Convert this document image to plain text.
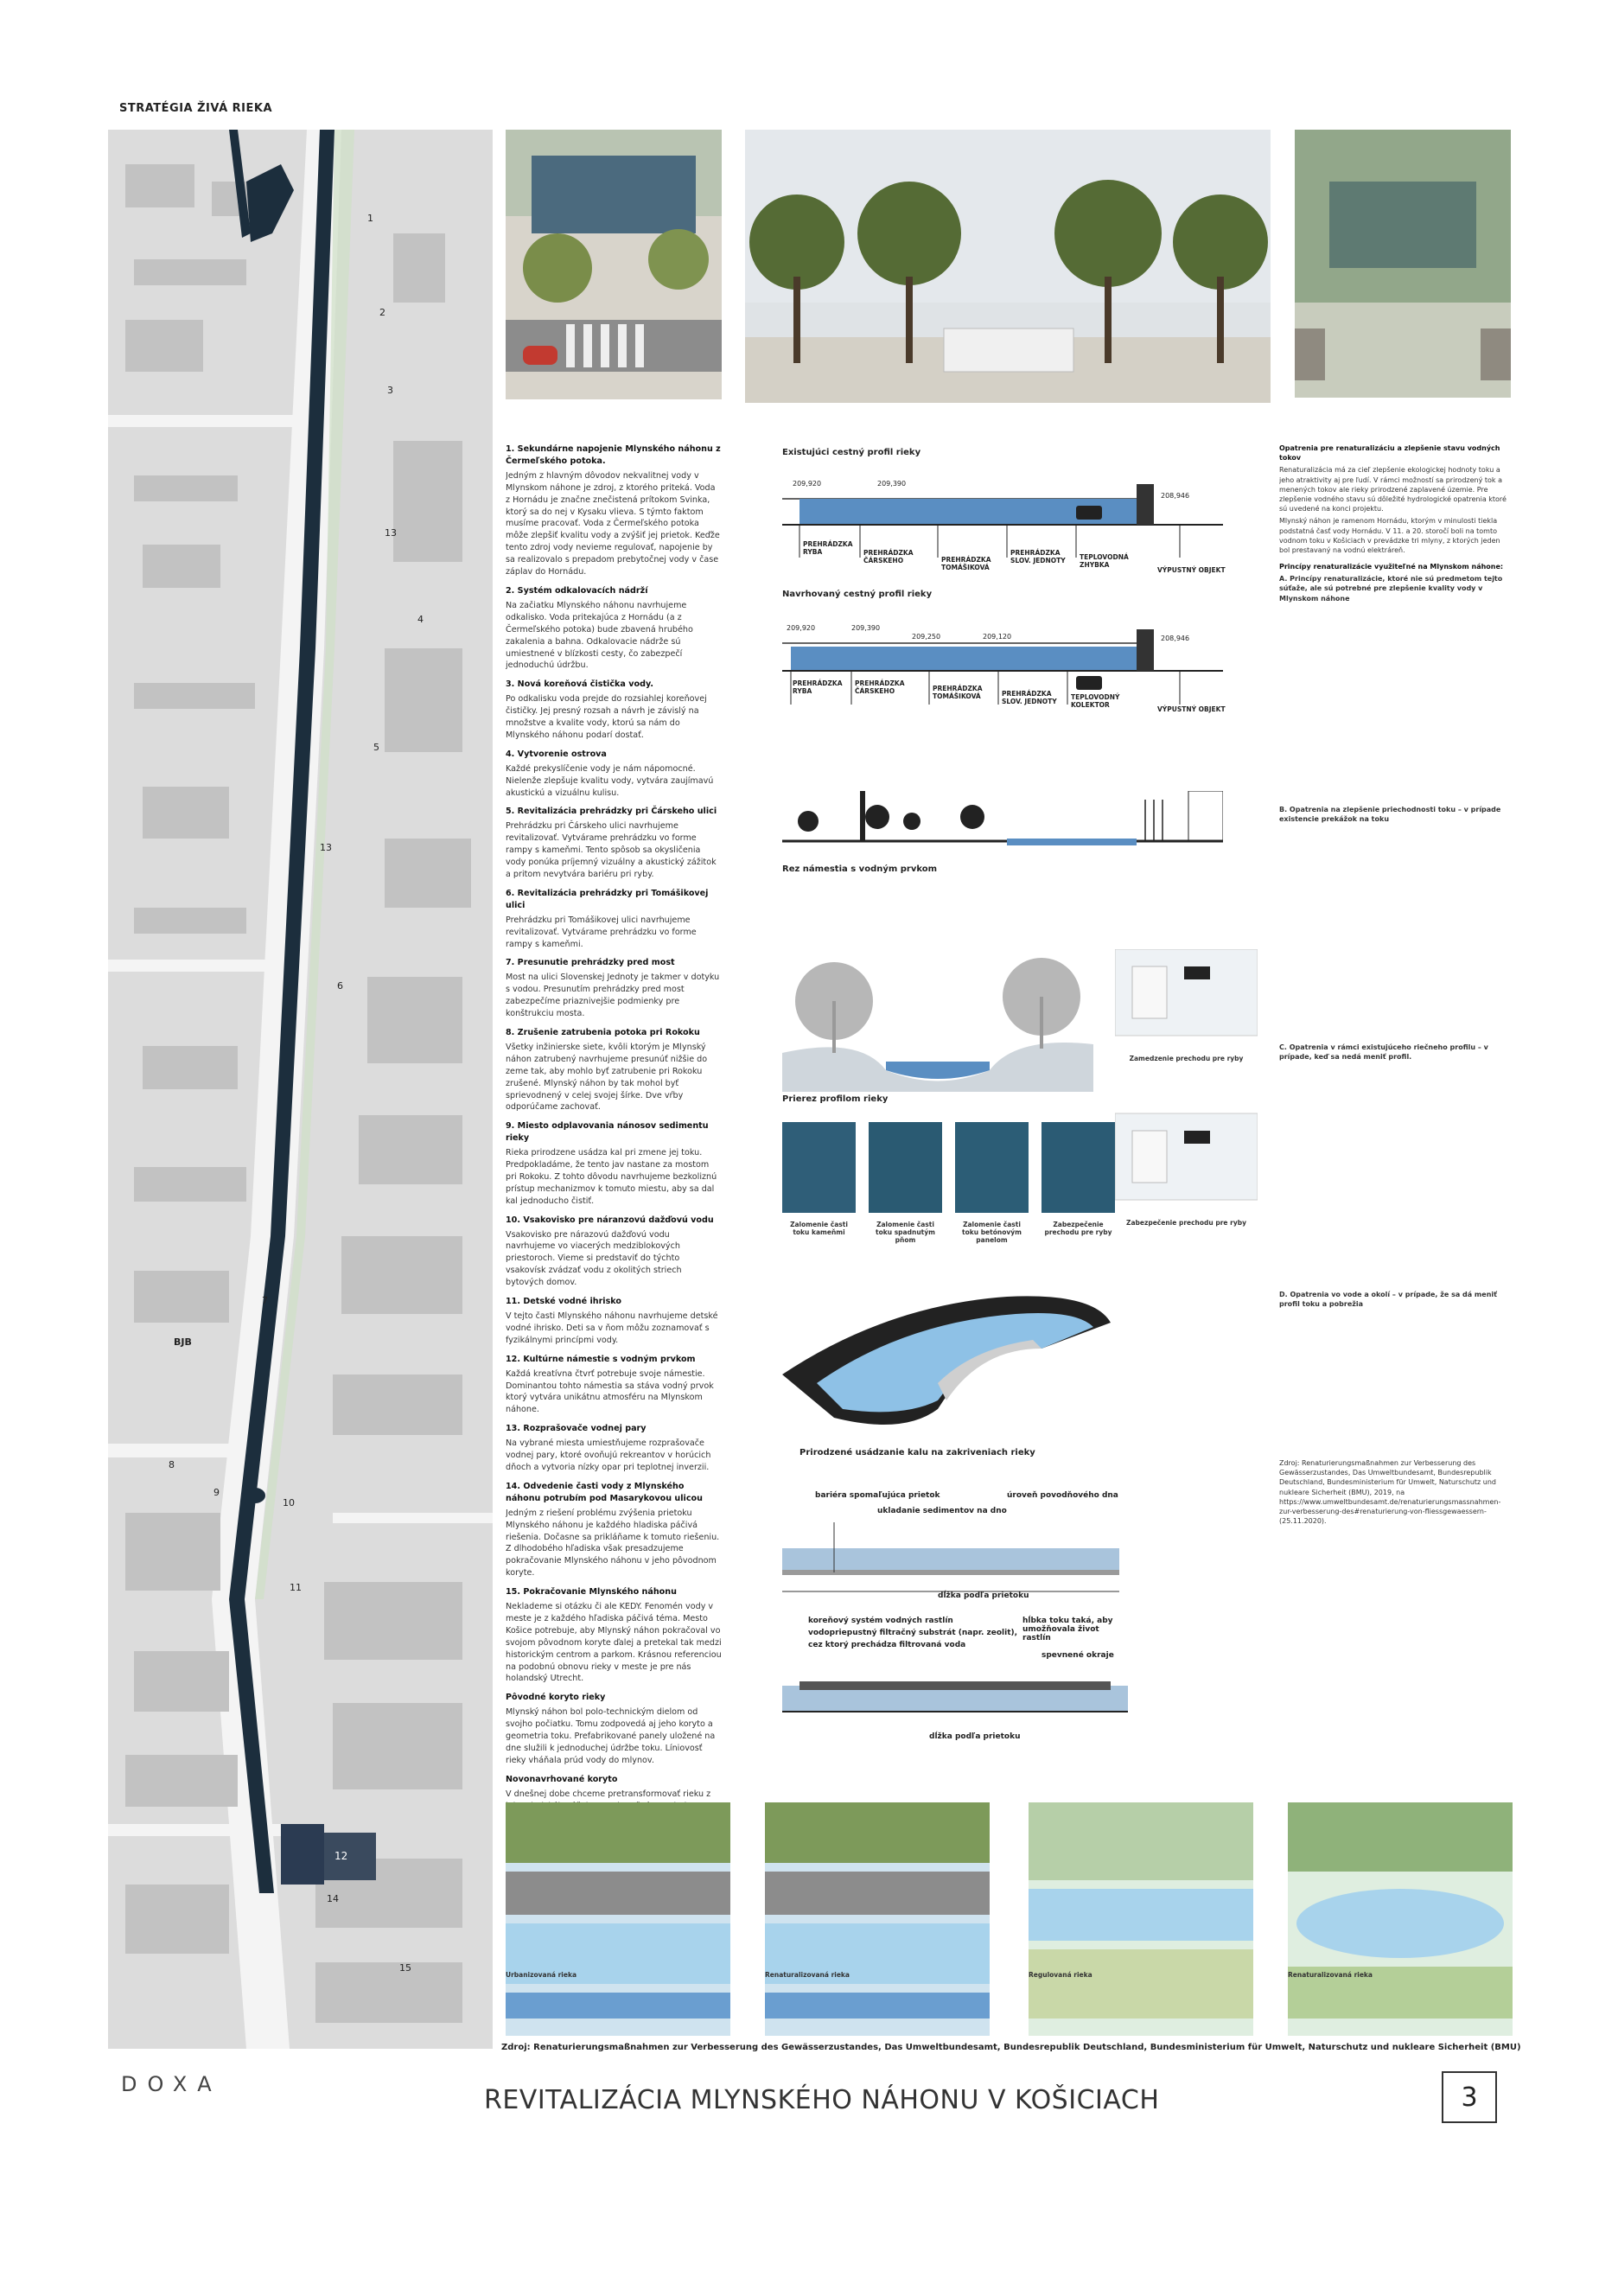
STRATÉGIA ŽIVÁ RIEKA
1
2
3
13
4
5
13
6
7
8
9
10
11
12
14
15
BJB
1. Sekundárne napojenie Mlynského náhonu z Čermeľského potoka.

Jedným z hlavným dôvodov nekvalitnej vody v Mlynskom náhone je zdroj, z ktorého priteká. Voda z Hornádu je značne znečistená prítokom Svinka, ktorý sa do nej v Kysaku vlieva. S týmto faktom musíme pracovať. Voda z Čermeľského potoka môže zlepšiť kvalitu vody a zvýšiť jej prietok. Keďže tento zdroj vody nevieme regulovať, napojenie by sa realizovalo s prepadom prebytočnej vody v čase záplav do Hornádu.

2. Systém odkalovacích nádrží

Na začiatku Mlynského náhonu navrhujeme odkalisko. Voda pritekajúca z Hornádu (a z Čermeľského potoka) bude zbavená hrubého zakalenia a bahna. Odkalovacie nádrže sú umiestnené v blízkosti cesty, čo zabezpečí jednoduchú údržbu.

3. Nová koreňová čistička vody.

Po odkalisku voda prejde do rozsiahlej koreňovej čističky. Jej presný rozsah a návrh je závislý na množstve a kvalite vody, ktorú sa nám do Mlynského náhonu podarí dostať.

4. Vytvorenie ostrova

Každé prekyslíčenie vody je nám nápomocné. Nielenže zlepšuje kvalitu vody, vytvára zaujímavú akustickú a vizuálnu kulisu.

5. Revitalizácia prehrádzky pri Čárskeho ulici

Prehrádzku pri Čárskeho ulici navrhujeme revitalizovať. Vytvárame prehrádzku vo forme rampy s kameňmi. Tento spôsob sa okysličenia vody ponúka príjemný vizuálny a akustický zážitok a pritom nevytvára bariéru pri ryby.

6. Revitalizácia prehrádzky pri Tomášikovej ulici

Prehrádzku pri Tomášikovej ulici navrhujeme revitalizovať. Vytvárame prehrádzku vo forme rampy s kameňmi.

7. Presunutie prehrádzky pred most

Most na ulici Slovenskej Jednoty je takmer v dotyku s vodou. Presunutím prehrádzky pred most zabezpečíme priaznivejšie podmienky pre konštrukciu mosta.

8. Zrušenie zatrubenia potoka pri Rokoku

Všetky inžinierske siete, kvôli ktorým je Mlynský náhon zatrubený navrhujeme presunúť nižšie do zeme tak, aby mohlo byť zatrubenie pri Rokoku zrušené. Mlynský náhon by tak mohol byť sprievodnený v celej svojej šírke. Dve vŕby odporúčame zachovať.

9. Miesto odplavovania nánosov sedimentu rieky

Rieka prirodzene usádza kal pri zmene jej toku. Predpokladáme, že tento jav nastane za mostom pri Rokoku. Z tohto dôvodu navrhujeme bezkoliznú prístup mechanizmov k tomuto miestu, aby sa dal kal jednoducho čistiť.

10. Vsakovisko pre náranzovú dažďovú vodu

Vsakovisko pre nárazovú dažďovú vodu navrhujeme vo viacerých medziblokových priestoroch. Vieme si predstaviť do týchto vsakovísk zvádzať vodu z okolitých striech bytových domov.

11. Detské vodné ihrisko

V tejto časti Mlynského náhonu navrhujeme detské vodné ihrisko. Deti sa v ňom môžu zoznamovať s fyzikálnymi princípmi vody.

12. Kultúrne námestie s vodným prvkom

Každá kreatívna čtvrť potrebuje svoje námestie. Dominantou tohto námestia sa stáva vodný prvok ktorý vytvára unikátnu atmosféru na Mlynskom náhone.

13. Rozprašovače vodnej pary

Na vybrané miesta umiestňujeme rozprašovače vodnej pary, ktoré ovoňujú rekreantov v horúcich dňoch a vytvoria nízky opar pri teplotnej inverzii.

14. Odvedenie časti vody z Mlynského náhonu potrubím pod Masarykovou ulicou

Jedným z riešení problému zvýšenia prietoku Mlynského náhonu je každého hladiska páčivá riešenia. Dočasne sa prikláňame k tomuto riešeniu. Z dlhodobého hľadiska však presadzujeme pokračovanie Mlynského náhonu v jeho pôvodnom koryte.

15. Pokračovanie Mlynského náhonu

Neklademe si otázku či ale KEDY. Fenomén vody v meste je z každého hľadiska páčivá téma. Mesto Košice potrebuje, aby Mlynský náhon pokračoval vo svojom pôvodnom koryte ďalej a pretekal tak medzi historickým centrom a parkom. Krásnou referenciou na podobnú obnovu rieky v meste je pre nás holandský Utrecht.

Pôvodné koryto rieky

Mlynský náhon bol polo-technickým dielom od svojho počiatku. Tomu zodpovedá aj jeho koryto a geometria toku. Prefabrikované panely uložené na dne služili k jednoduchej údržbe toku. Líniovosť rieky vháňala prúd vody do mlynov.

Novonavrhované koryto

V dnešnej dobe chceme pretransformovať rieku z

Existujúci cestný profil rieky
209,920	209,390
208,946
PREHRÁDZKA RYBA	PREHRÁDZKA ČÁRSKEHO	PREHRÁDZKA TOMÁŠIKOVÁ
PREHRÁDZKA SLOV. JEDNOTY	TEPLOVODNÁ ZHYBKA
VÝPUSTNÝ OBJEKT
Navrhovaný cestný profil rieky
209,920	209,390
209,250	209,120	208,946
PREHRÁDZKA RYBA
PREHRÁDZKA ČÁRSKEHO	PREHRÁDZKA TOMÁŠIKOVÁ	PREHRÁDZKA SLOV. JEDNOTY
TEPLOVODNÝ KOLEKTOR
VÝPUSTNÝ OBJEKT
Rez námestia s vodným prvkom
Prierez profilom rieky
Zamedzenie prechodu pre ryby
Zabezpečenie prechodu pre ryby
Zalomenie časti toku kameňmi
Zalomenie časti toku spadnutým pňom
Zalomenie časti toku betónovým panelom
Zabezpečenie prechodu pre ryby
Prirodzené usádzanie kalu na zakriveniach rieky
bariéra spomaľujúca prietok
ukladanie sedimentov na dno
úroveň povodňového dna
dĺžka podľa prietoku
koreňový systém vodných rastlín
vodopriepustný filtračný substrát (napr. zeolit),
cez ktorý prechádza filtrovaná voda
hĺbka toku taká, aby umožňovala život rastlín
spevnené okraje
dĺžka podľa prietoku
Opatrenia pre renaturalizáciu a zlepšenie stavu vodných tokov

Renaturalizácia má za cieľ zlepšenie ekologickej hodnoty toku a jeho atraktivity aj pre ľudí. V rámci možností sa prirodzený tok a menených tokov ale rieky prirodzené zaplavené územie. Pre zlepšenie vodného stavu sú dôležité hydrologické opatrenia ktoré sú uvedené na konci projektu.

Mlynský náhon je ramenom Hornádu, ktorým v minulosti tiekla podstatná časť vody Hornádu. V 11. a 20. storočí boli na tomto vodnom toku v Košiciach v prevádzke tri mlyny, z ktorých jeden bol prestavaný na vodnú elektráreň.

Princípy renaturalizácie využiteľné na Mlynskom náhone:

A. Princípy renaturalizácie, ktoré nie sú predmetom tejto súťaže, ale sú potrebné pre zlepšenie kvality vody v Mlynskom náhone

B. Opatrenia na zlepšenie priechodnosti toku – v prípade existencie prekážok na toku

C. Opatrenia v rámci existujúceho riečneho profilu – v prípade, keď sa nedá meniť profil.

D. Opatrenia vo vode a okolí – v prípade, že sa dá meniť profil toku a pobrežia

Zdroj: Renaturierungsmaßnahmen zur Verbesserung des Gewässerzustandes, Das Umweltbundesamt, Bundesrepublik Deutschland, Bundesministerium für Umwelt, Naturschutz und nukleare Sicherheit (BMU), 2019, na https://www.umweltbundesamt.de/renaturierungsmassnahmen-zur-verbesserung-des#renaturierung-von-fliessgewaessern- (25.11.2020).

Urbanizovaná rieka	Renaturalizovaná rieka	Regulovaná rieka	Renaturalizovaná rieka
Zdroj: Renaturierungsmaßnahmen zur Verbesserung des Gewässerzustandes, Das Umweltbundesamt, Bundesrepublik Deutschland, Bundesministerium für Umwelt, Naturschutz und nukleare Sicherheit (BMU)
DOXA
REVITALIZÁCIA MLYNSKÉHO NÁHONU V KOŠICIACH	3
